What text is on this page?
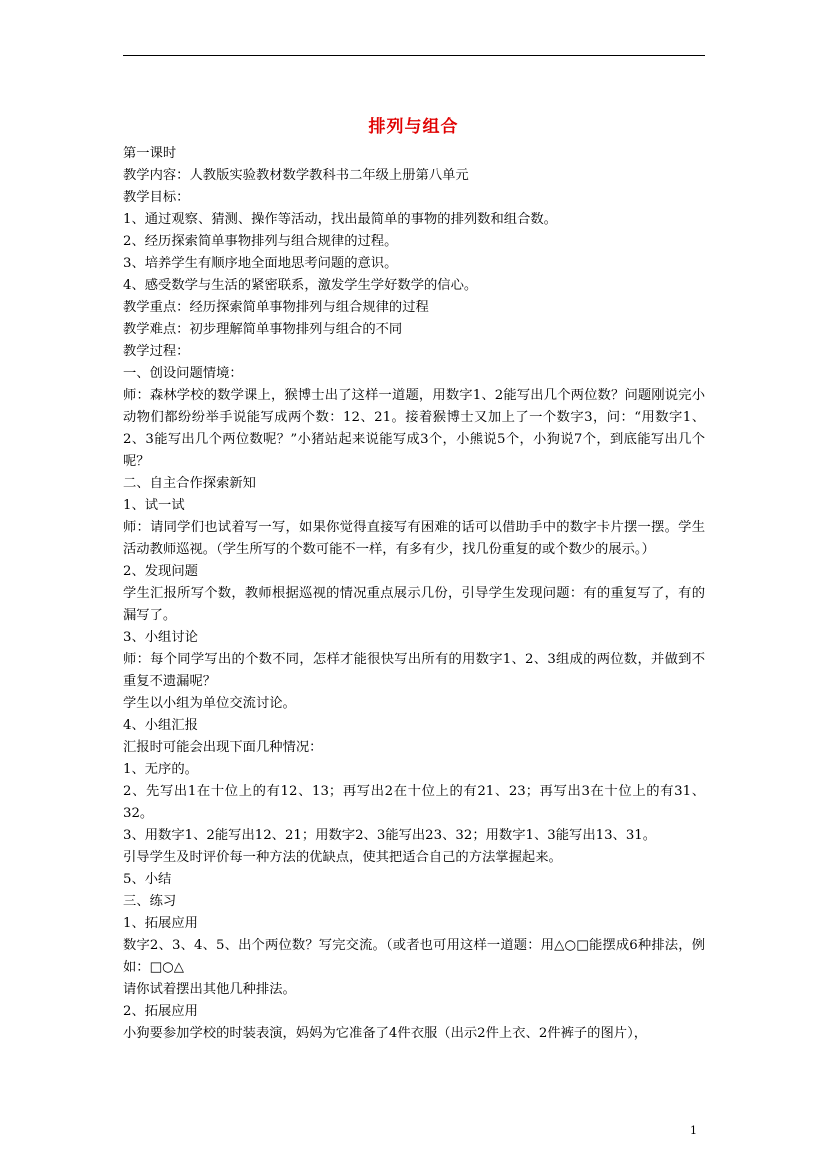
排列与组合

第一课时

教学内容：人教版实验教材数学教科书二年级上册第八单元

教学目标：

1、通过观察、猜测、操作等活动，找出最简单的事物的排列数和组合数。

2、经历探索简单事物排列与组合规律的过程。

3、培养学生有顺序地全面地思考问题的意识。

4、感受数学与生活的紧密联系，激发学生学好数学的信心。

教学重点：经历探索简单事物排列与组合规律的过程

教学难点：初步理解简单事物排列与组合的不同

教学过程：

一、创设问题情境：

师：森林学校的数学课上，猴博士出了这样一道题，用数字1、2能写出几个两位数？问题刚说完小动物们都纷纷举手说能写成两个数：12、21。接着猴博士又加上了一个数字3，问：“用数字1、2、3能写出几个两位数呢？”小猪站起来说能写成3个，小熊说5个，小狗说7个，到底能写出几个呢？

二、自主合作探索新知

1、试一试

师：请同学们也试着写一写，如果你觉得直接写有困难的话可以借助手中的数字卡片摆一摆。学生活动教师巡视。（学生所写的个数可能不一样，有多有少，找几份重复的或个数少的展示。）

2、发现问题

学生汇报所写个数，教师根据巡视的情况重点展示几份，引导学生发现问题：有的重复写了，有的漏写了。

3、小组讨论

师：每个同学写出的个数不同，怎样才能很快写出所有的用数字1、2、3组成的两位数，并做到不重复不遗漏呢？

学生以小组为单位交流讨论。

4、小组汇报

汇报时可能会出现下面几种情况：

1、无序的。

2、先写出1在十位上的有12、13；再写出2在十位上的有21、23；再写出3在十位上的有31、32。

3、用数字1、2能写出12、21；用数字2、3能写出23、32；用数字1、3能写出13、31。

引导学生及时评价每一种方法的优缺点，使其把适合自己的方法掌握起来。

5、小结

三、练习

1、拓展应用

数字2、3、4、5、出个两位数？写完交流。（或者也可用这样一道题：用△○□能摆成6种排法，例如：□○△

请你试着摆出其他几种排法。

2、拓展应用

小狗要参加学校的时装表演，妈妈为它准备了4件衣服（出示2件上衣、2件裤子的图片），

1
